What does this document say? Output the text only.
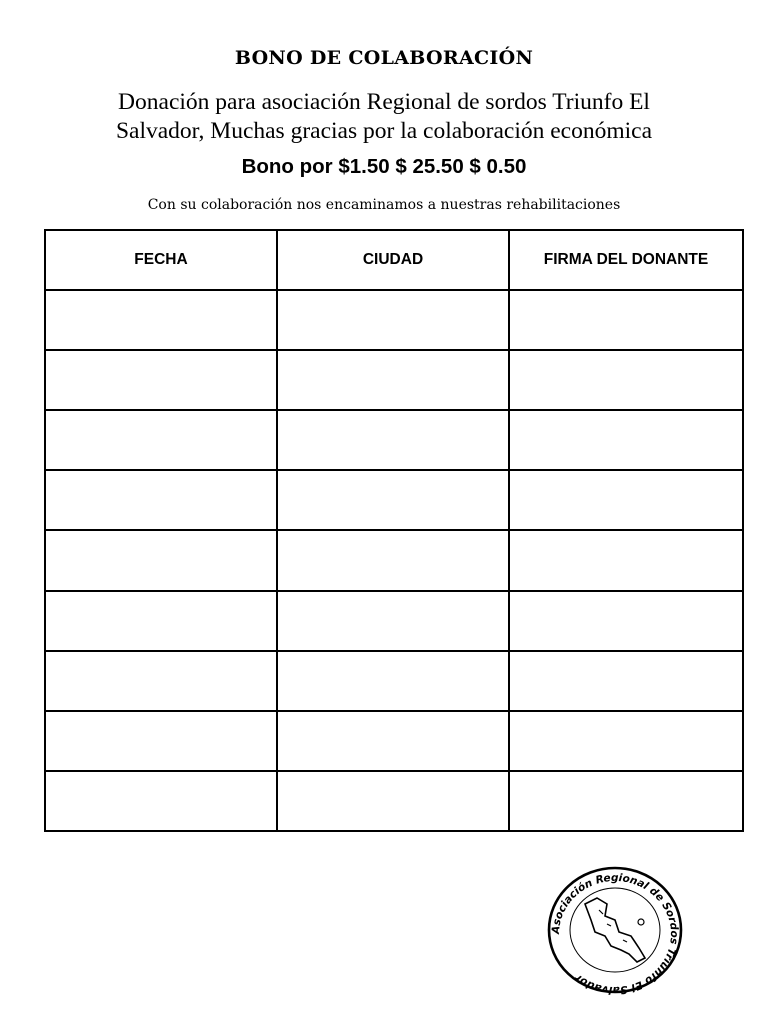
BONO DE COLABORACIÓN
Donación para asociación Regional de sordos Triunfo El
Salvador, Muchas gracias por la colaboración económica
Bono por $1.50 $ 25.50 $ 0.50
Con su colaboración nos encaminamos a nuestras rehabilitaciones
FECHA	CIUDAD	FIRMA DEL DONANTE

Asociación Regional de Sordos Triunfo El Salvador
